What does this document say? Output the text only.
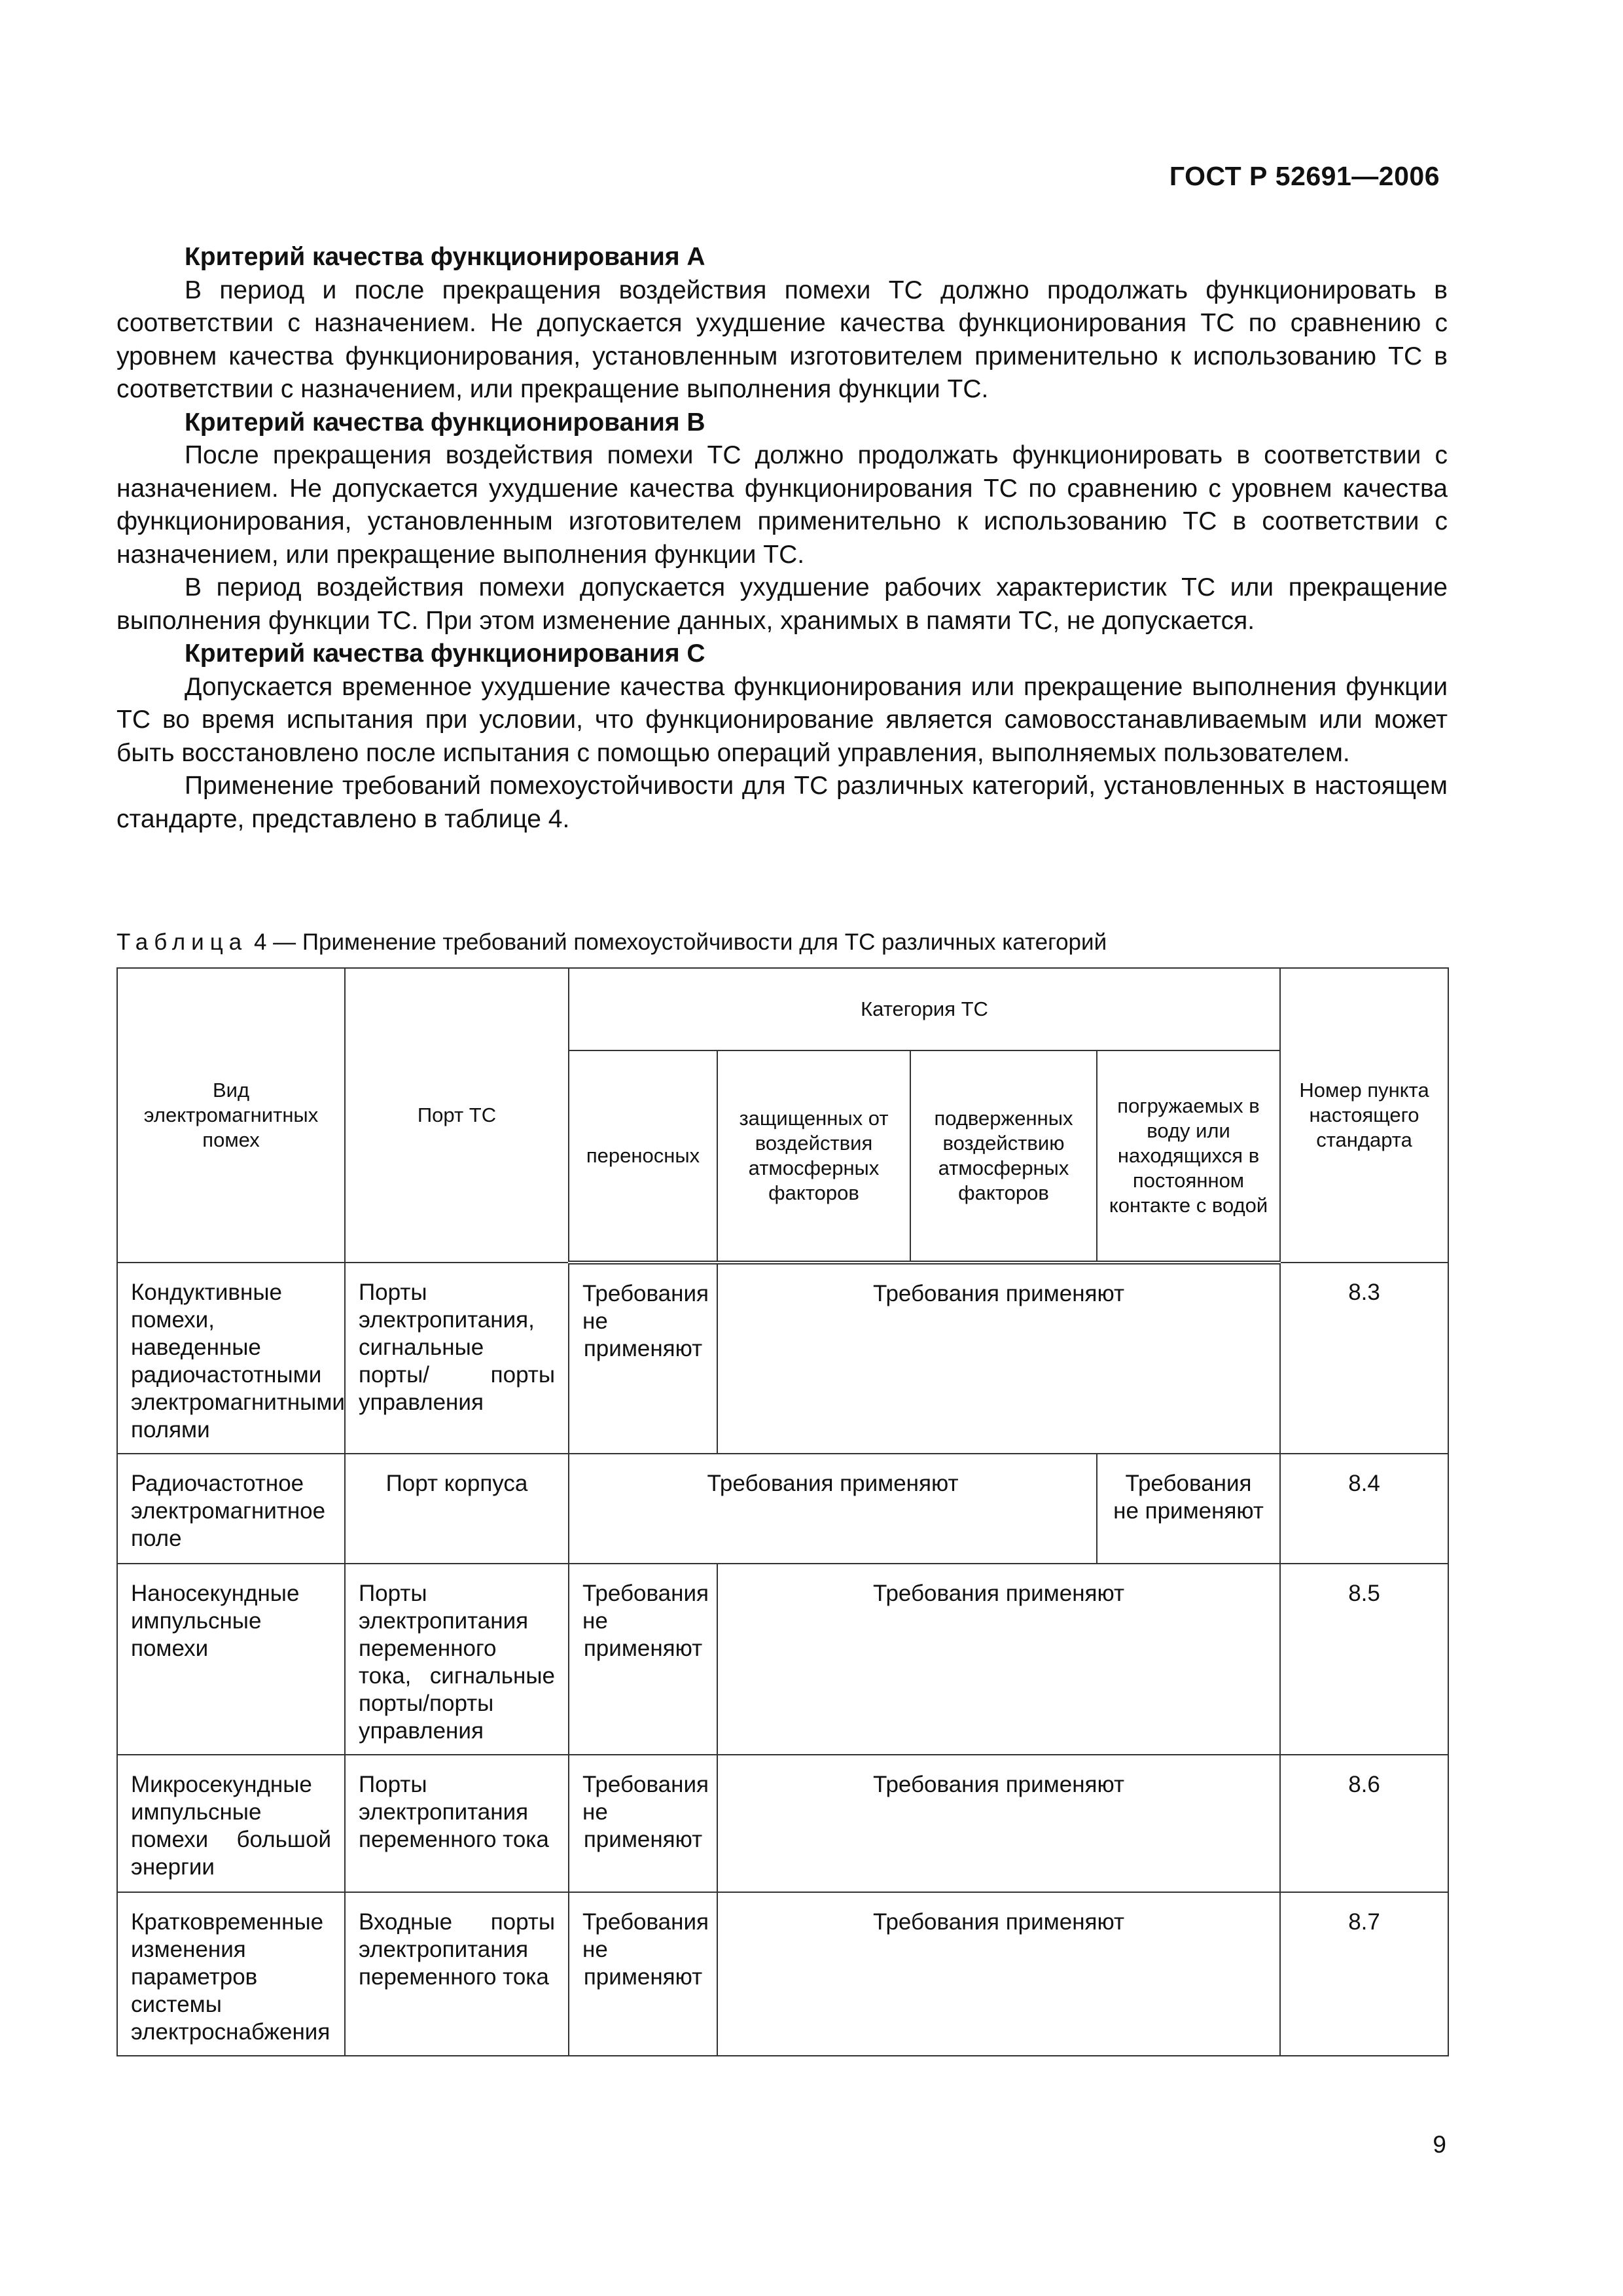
ГОСТ Р 52691—2006

Критерий качества функционирования А

В период и после прекращения воздействия помехи ТС должно продолжать функционировать в соответствии с назначением. Не допускается ухудшение качества функционирования ТС по сравнению с уровнем качества функционирования, установленным изготовителем применительно к использованию ТС в соответствии с назначением, или прекращение выполнения функции ТС.

Критерий качества функционирования В

После прекращения воздействия помехи ТС должно продолжать функционировать в соответствии с назначением. Не допускается ухудшение качества функционирования ТС по сравнению с уровнем качества функционирования, установленным изготовителем применительно к использованию ТС в соответствии с назначением, или прекращение выполнения функции ТС.

В период воздействия помехи допускается ухудшение рабочих характеристик ТС или прекращение выполнения функции ТС. При этом изменение данных, хранимых в памяти ТС, не допускается.

Критерий качества функционирования С

Допускается временное ухудшение качества функционирования или прекращение выполнения функции ТС во время испытания при условии, что функционирование является самовосстанавливаемым или может быть восстановлено после испытания с помощью операций управления, выполняемых пользователем.

Применение требований помехоустойчивости для ТС различных категорий, установленных в настоящем стандарте, представлено в таблице 4.

Таблица 4 — Применение требований помехоустойчивости для ТС различных категорий
Вид электромагнитных помех	Порт ТС	Категория ТС				Номер пункта настоящего стандарта
		переносных	защищенных от воздействия атмосферных факторов	подверженных воздействию атмосферных факторов	погружаемых в воду или находящихся в постоянном контакте с водой	
Кондуктивные помехи, наведенные радиочастотными электромагнитными полями	Порты электропитания, сигнальные порты/ порты управления	Требования не применяют	Требования применяют			8.3
Радиочастотное электромагнитное поле	Порт корпуса	Требования применяют			Требования не применяют	8.4
Наносекундные импульсные помехи	Порты электропитания переменного тока, сигнальные порты/порты управления	Требования не применяют	Требования применяют			8.5
Микросекундные импульсные помехи большой энергии	Порты электропитания переменного тока	Требования не применяют	Требования применяют			8.6
Кратковременные изменения параметров системы электроснабжения	Входные порты электропитания переменного тока	Требования не применяют	Требования применяют			8.7
9
